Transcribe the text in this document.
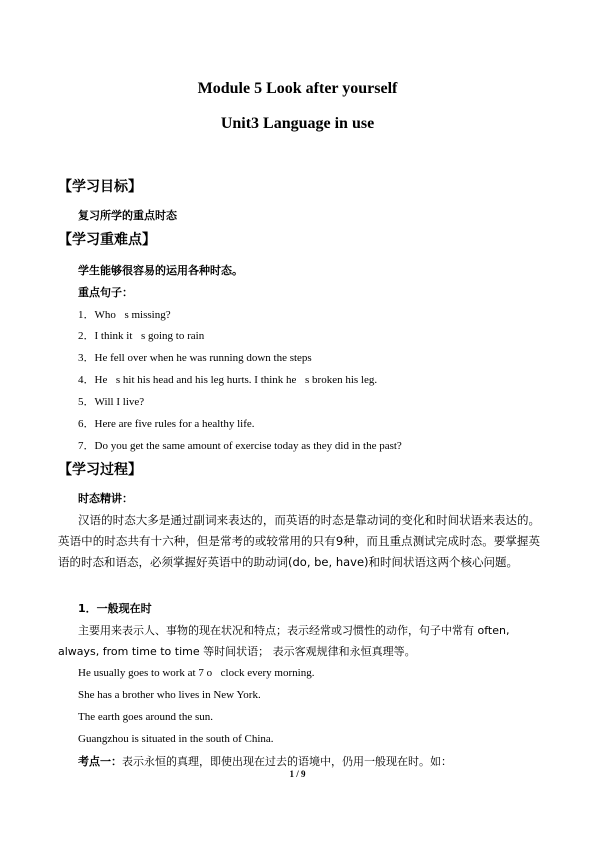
Module 5 Look after yourself
Unit3 Language in use
【学习目标】
复习所学的重点时态
【学习重难点】
学生能够很容易的运用各种时态。
重点句子：
1．Who s missing?
2．I think it s going to rain
3．He fell over when he was running down the steps
4．He s hit his head and his leg hurts. I think he s broken his leg.
5．Will I live?
6．Here are five rules for a healthy life.
7．Do you get the same amount of exercise today as they did in the past?
【学习过程】
时态精讲：
汉语的时态大多是通过副词来表达的，而英语的时态是靠动词的变化和时间状语来表达的。英语中的时态共有十六种，但是常考的或较常用的只有9种，而且重点测试完成时态。要掌握英语的时态和语态，必须掌握好英语中的助动词(do, be, have)和时间状语这两个核心问题。
1．一般现在时
主要用来表示人、事物的现在状况和特点；表示经常或习惯性的动作，句子中常有 often, always, from time to time 等时间状语； 表示客观规律和永恒真理等。
He usually goes to work at 7 o clock every morning.
She has a brother who lives in New York.
The earth goes around the sun.
Guangzhou is situated in the south of China.
考点一：表示永恒的真理，即使出现在过去的语境中，仍用一般现在时。如：
1 / 9
